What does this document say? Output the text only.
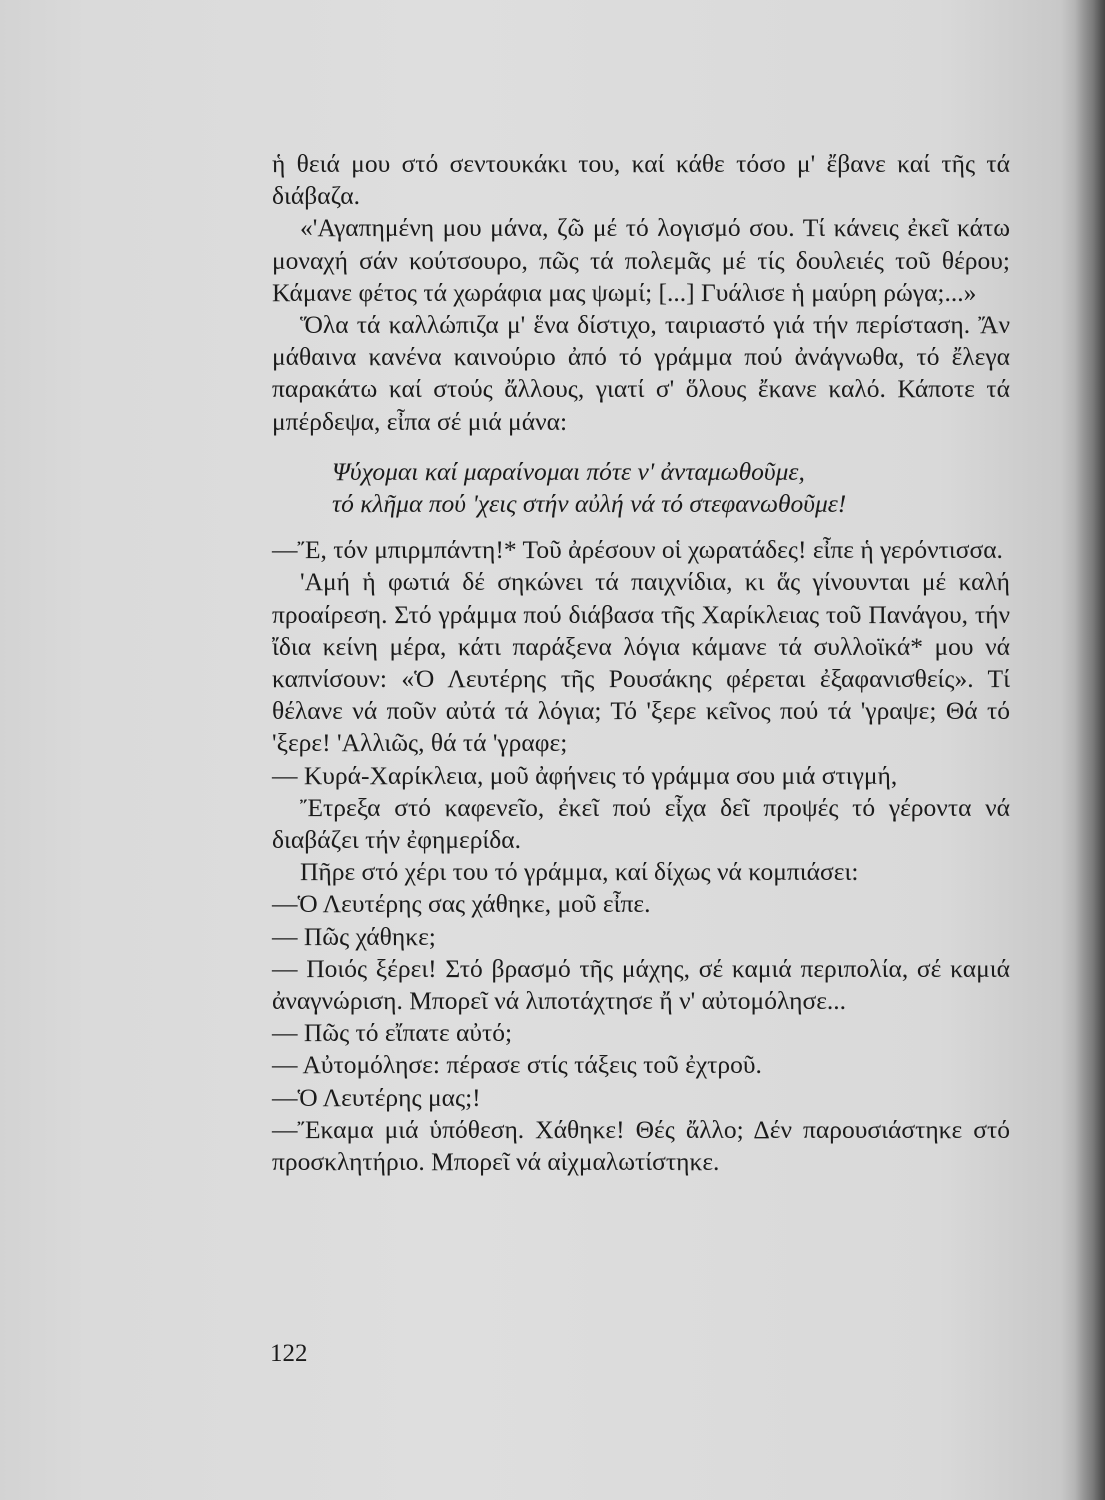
ἡ θειά μου στό σεντουκάκι του, καί κάθε τόσο μ' ἔβανε καί τῆς τά διάβαζα.

«'Αγαπημένη μου μάνα, ζῶ μέ τό λογισμό σου. Τί κάνεις ἐκεῖ κάτω μοναχή σάν κούτσουρο, πῶς τά πολεμᾶς μέ τίς δουλειές τοῦ θέρου; Κάμανε φέτος τά χωράφια μας ψωμί; [...] Γυάλισε ἡ μαύρη ρώγα;...»

Ὅλα τά καλλώπιζα μ' ἕνα δίστιχο, ταιριαστό γιά τήν περίσταση. Ἄν μάθαινα κανένα καινούριο ἀπό τό γράμμα πού ἀνάγνωθα, τό ἔλεγα παρακάτω καί στούς ἄλλους, γιατί σ' ὅλους ἔκανε καλό. Κάποτε τά μπέρδεψα, εἶπα σέ μιά μάνα:

Ψύχομαι καί μαραίνομαι πότε ν' ἀνταμωθοῦμε,
τό κλῆμα πού 'χεις στήν αὐλή νά τό στεφανωθοῦμε!

—Ἔ, τόν μπιρμπάντη!* Τοῦ ἀρέσουν οἱ χωρατάδες! εἶπε ἡ γερόντισσα.

'Αμή ἡ φωτιά δέ σηκώνει τά παιχνίδια, κι ἅς γίνουνται μέ καλή προαίρεση. Στό γράμμα πού διάβασα τῆς Χαρίκλειας τοῦ Πανάγου, τήν ἴδια κείνη μέρα, κάτι παράξενα λόγια κάμανε τά συλλοϊκά* μου νά καπνίσουν: «Ὁ Λευτέρης τῆς Ρουσάκης φέρεται ἐξαφανισθείς». Τί θέλανε νά ποῦν αὐτά τά λόγια; Τό 'ξερε κεῖνος πού τά 'γραψε; Θά τό 'ξερε! 'Αλλιῶς, θά τά 'γραφε;

— Κυρά-Χαρίκλεια, μοῦ ἀφήνεις τό γράμμα σου μιά στιγμή,

Ἔτρεξα στό καφενεῖο, ἐκεῖ πού εἶχα δεῖ προψές τό γέροντα νά διαβάζει τήν ἐφημερίδα.

Πῆρε στό χέρι του τό γράμμα, καί δίχως νά κομπιάσει:

—Ὁ Λευτέρης σας χάθηκε, μοῦ εἶπε.

— Πῶς χάθηκε;

— Ποιός ξέρει! Στό βρασμό τῆς μάχης, σέ καμιά περιπολία, σέ καμιά ἀναγνώριση. Μπορεῖ νά λιποτάχτησε ἤ ν' αὐτομόλησε...

— Πῶς τό εἴπατε αὐτό;

— Αὐτομόλησε: πέρασε στίς τάξεις τοῦ ἐχτροῦ.

—Ὁ Λευτέρης μας;!

—Ἔκαμα μιά ὑπόθεση. Χάθηκε! Θές ἄλλο; Δέν παρουσιάστηκε στό προσκλητήριο. Μπορεῖ νά αἰχμαλωτίστηκε.

122
